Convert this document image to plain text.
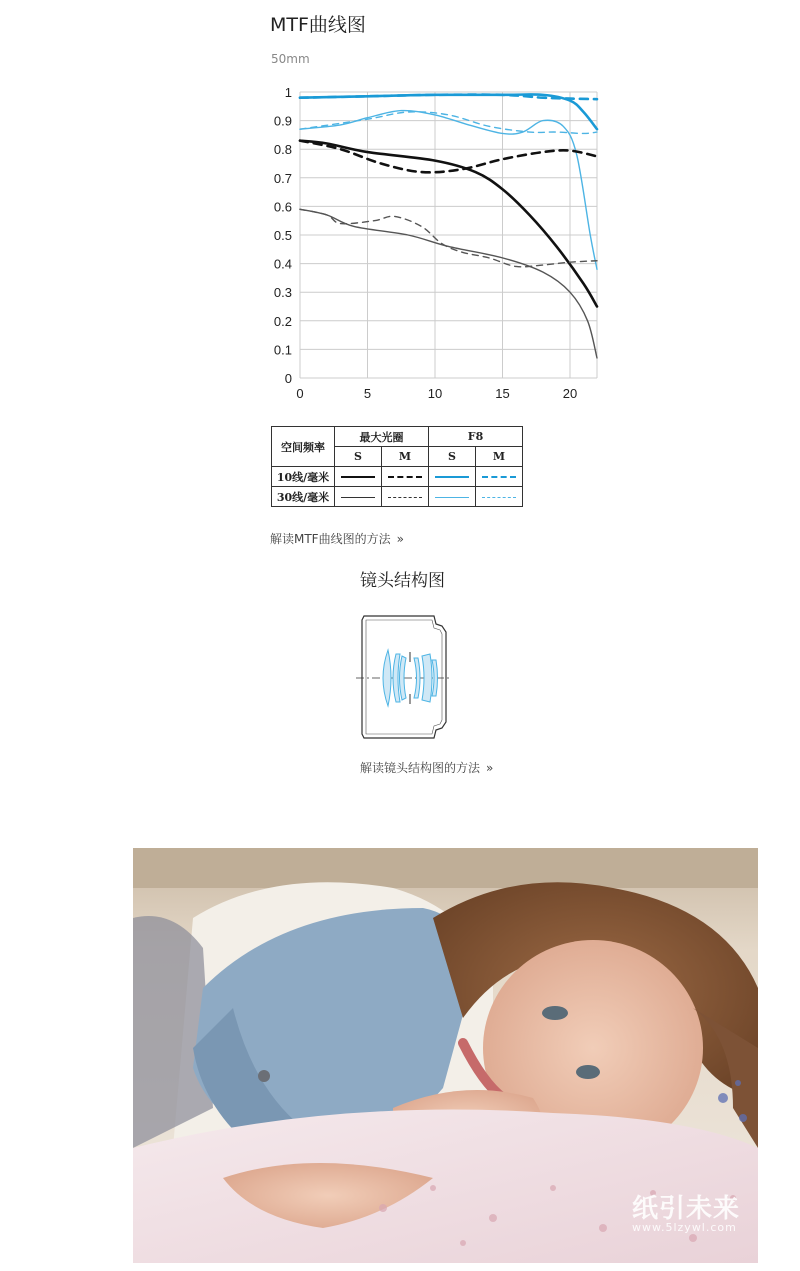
MTF曲线图
50mm
0
0.1
0.2
0.3
0.4
0.5
0.6
0.7
0.8
0.9
1
0	5	10	15	20
空间频率	最大光圈		F8	
	S	M	S	M
10线/毫米				
30线/毫米				
解读MTF曲线图的方法 »
镜头结构图
解读镜头结构图的方法 »
纸引未来
www.5lzywl.com
